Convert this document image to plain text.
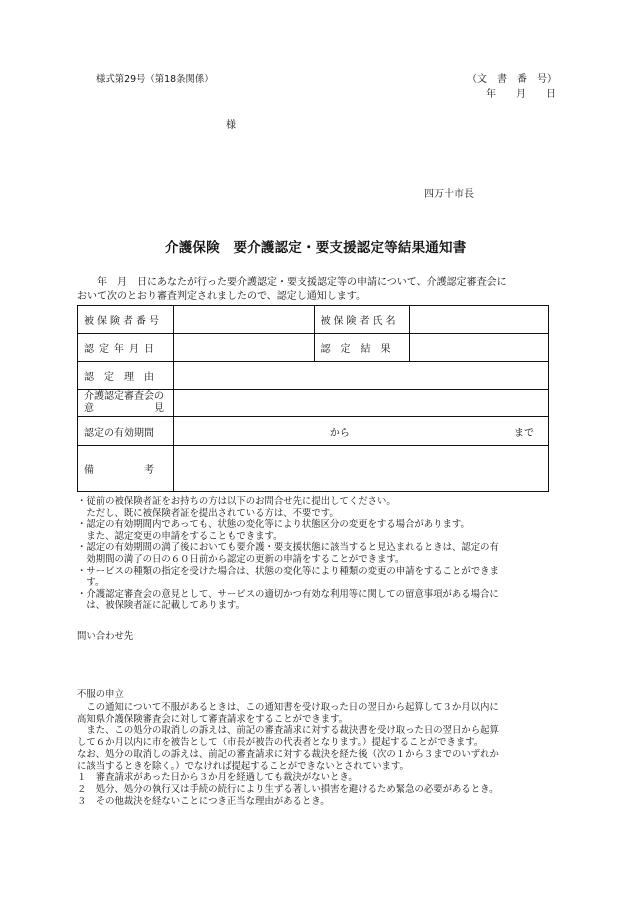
様式第29号（第18条関係）	（文　書　番　号）
年　　月　　日
様
四万十市長
介護保険　要介護認定・要支援認定等結果通知書
　　年　月　日にあなたが行った要介護認定・要支援認定等の申請について、介護認定審査会に
おいて次のとおり審査判定されましたので、認定し通知します。
被保険者番号		被保険者氏名	
認定年月日		認　定　結　果	
認　定　理　由			

介護認定審査会の
意　　　　　　見			

認定の有効期間	から まで		

備　　　　　考			
・従前の被保険者証をお持ちの方は以下のお問合せ先に提出してください。
　ただし、既に被保険者証を提出されている方は、不要です。
・認定の有効期間内であっても、状態の変化等により状態区分の変更をする場合があります。
　また、認定変更の申請をすることもできます。
・認定の有効期間の満了後においても要介護・要支援状態に該当すると見込まれるときは、認定の有
　効期間の満了の日の６０日前から認定の更新の申請をすることができます。
・サービスの種類の指定を受けた場合は、状態の変化等により種類の変更の申請をすることができま
　す。
・介護認定審査会の意見として、サービスの適切かつ有効な利用等に関しての留意事項がある場合に
　は、被保険者証に記載してあります。
問い合わせ先
不服の申立
　この通知について不服があるときは、この通知書を受け取った日の翌日から起算して３か月以内に
高知県介護保険審査会に対して審査請求をすることができます。
　また、この処分の取消しの訴えは、前記の審査請求に対する裁決書を受け取った日の翌日から起算
して６か月以内に市を被告として（市長が被告の代表者となります。）提起することができます。
なお、処分の取消しの訴えは、前記の審査請求に対する裁決を経た後（次の１から３までのいずれか
に該当するときを除く。）でなければ提起することができないとされています。
１　審査請求があった日から３か月を経過しても裁決がないとき。
２　処分、処分の執行又は手続の続行により生ずる著しい損害を避けるため緊急の必要があるとき。
３　その他裁決を経ないことにつき正当な理由があるとき。
